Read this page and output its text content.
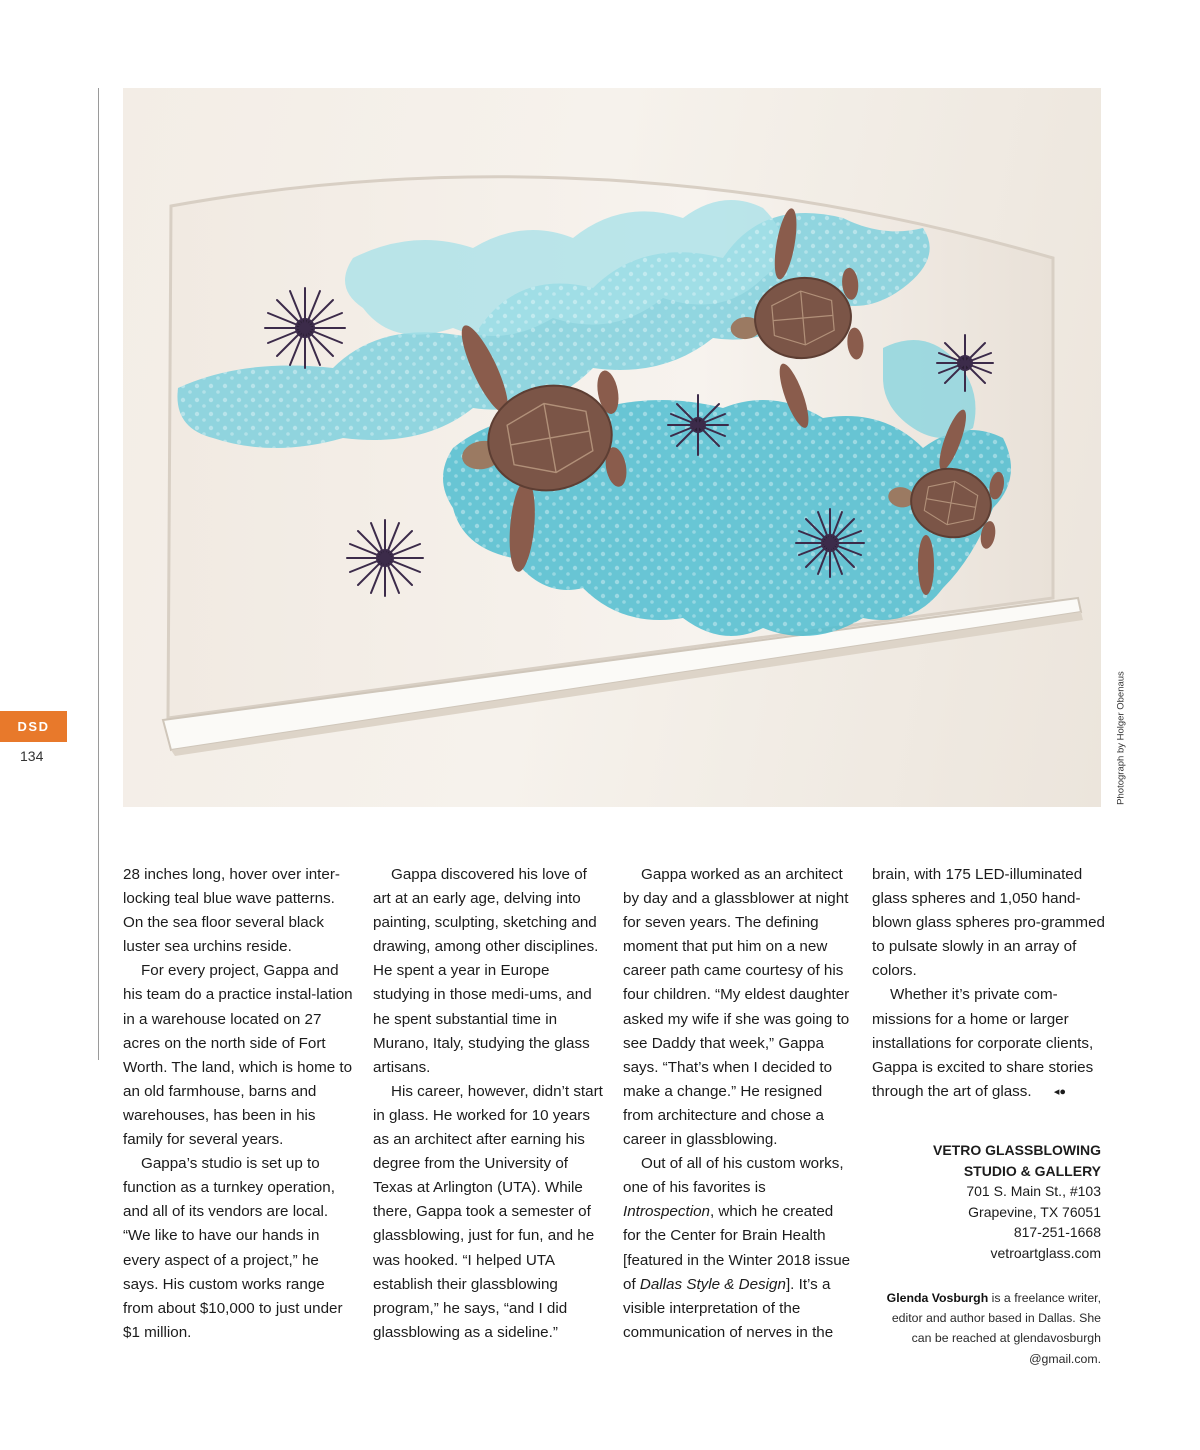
DSD
134	Photograph by Holger Obenaus

28 inches long, hover over inter-locking teal blue wave patterns. On the sea floor several black luster sea urchins reside.

For every project, Gappa and his team do a practice instal-lation in a warehouse located on 27 acres on the north side of Fort Worth. The land, which is home to an old farmhouse, barns and warehouses, has been in his family for several years.

Gappa’s studio is set up to function as a turnkey operation, and all of its vendors are local. “We like to have our hands in every aspect of a project,” he says. His custom works range from about $10,000 to just under $1 million.

Gappa discovered his love of art at an early age, delving into painting, sculpting, sketching and drawing, among other disciplines. He spent a year in Europe studying in those medi-ums, and he spent substantial time in Murano, Italy, studying the glass artisans.

His career, however, didn’t start in glass. He worked for 10 years as an architect after earning his degree from the University of Texas at Arlington (UTA). While there, Gappa took a semester of glassblowing, just for fun, and he was hooked. “I helped UTA establish their glassblowing program,” he says, “and I did glassblowing as a sideline.”

Gappa worked as an architect by day and a glassblower at night for seven years. The defining moment that put him on a new career path came courtesy of his four children. “My eldest daughter asked my wife if she was going to see Daddy that week,” Gappa says. “That’s when I decided to make a change.” He resigned from architecture and chose a career in glassblowing.

Out of all of his custom works, one of his favorites is Introspection, which he created for the Center for Brain Health [featured in the Winter 2018 issue of Dallas Style & Design]. It’s a visible interpretation of the communication of nerves in the

brain, with 175 LED-illuminated glass spheres and 1,050 hand-blown glass spheres pro-grammed to pulsate slowly in an array of colors.

Whether it’s private com-missions for a home or larger installations for corporate clients, Gappa is excited to share stories through the art of glass. ◂●

VETRO GLASSBLOWING
STUDIO & GALLERY
701 S. Main St., #103
Grapevine, TX 76051
817-251-1668
vetroartglass.com
Glenda Vosburgh is a freelance writer, editor and author based in Dallas. She can be reached at glendavosburgh @gmail.com.
